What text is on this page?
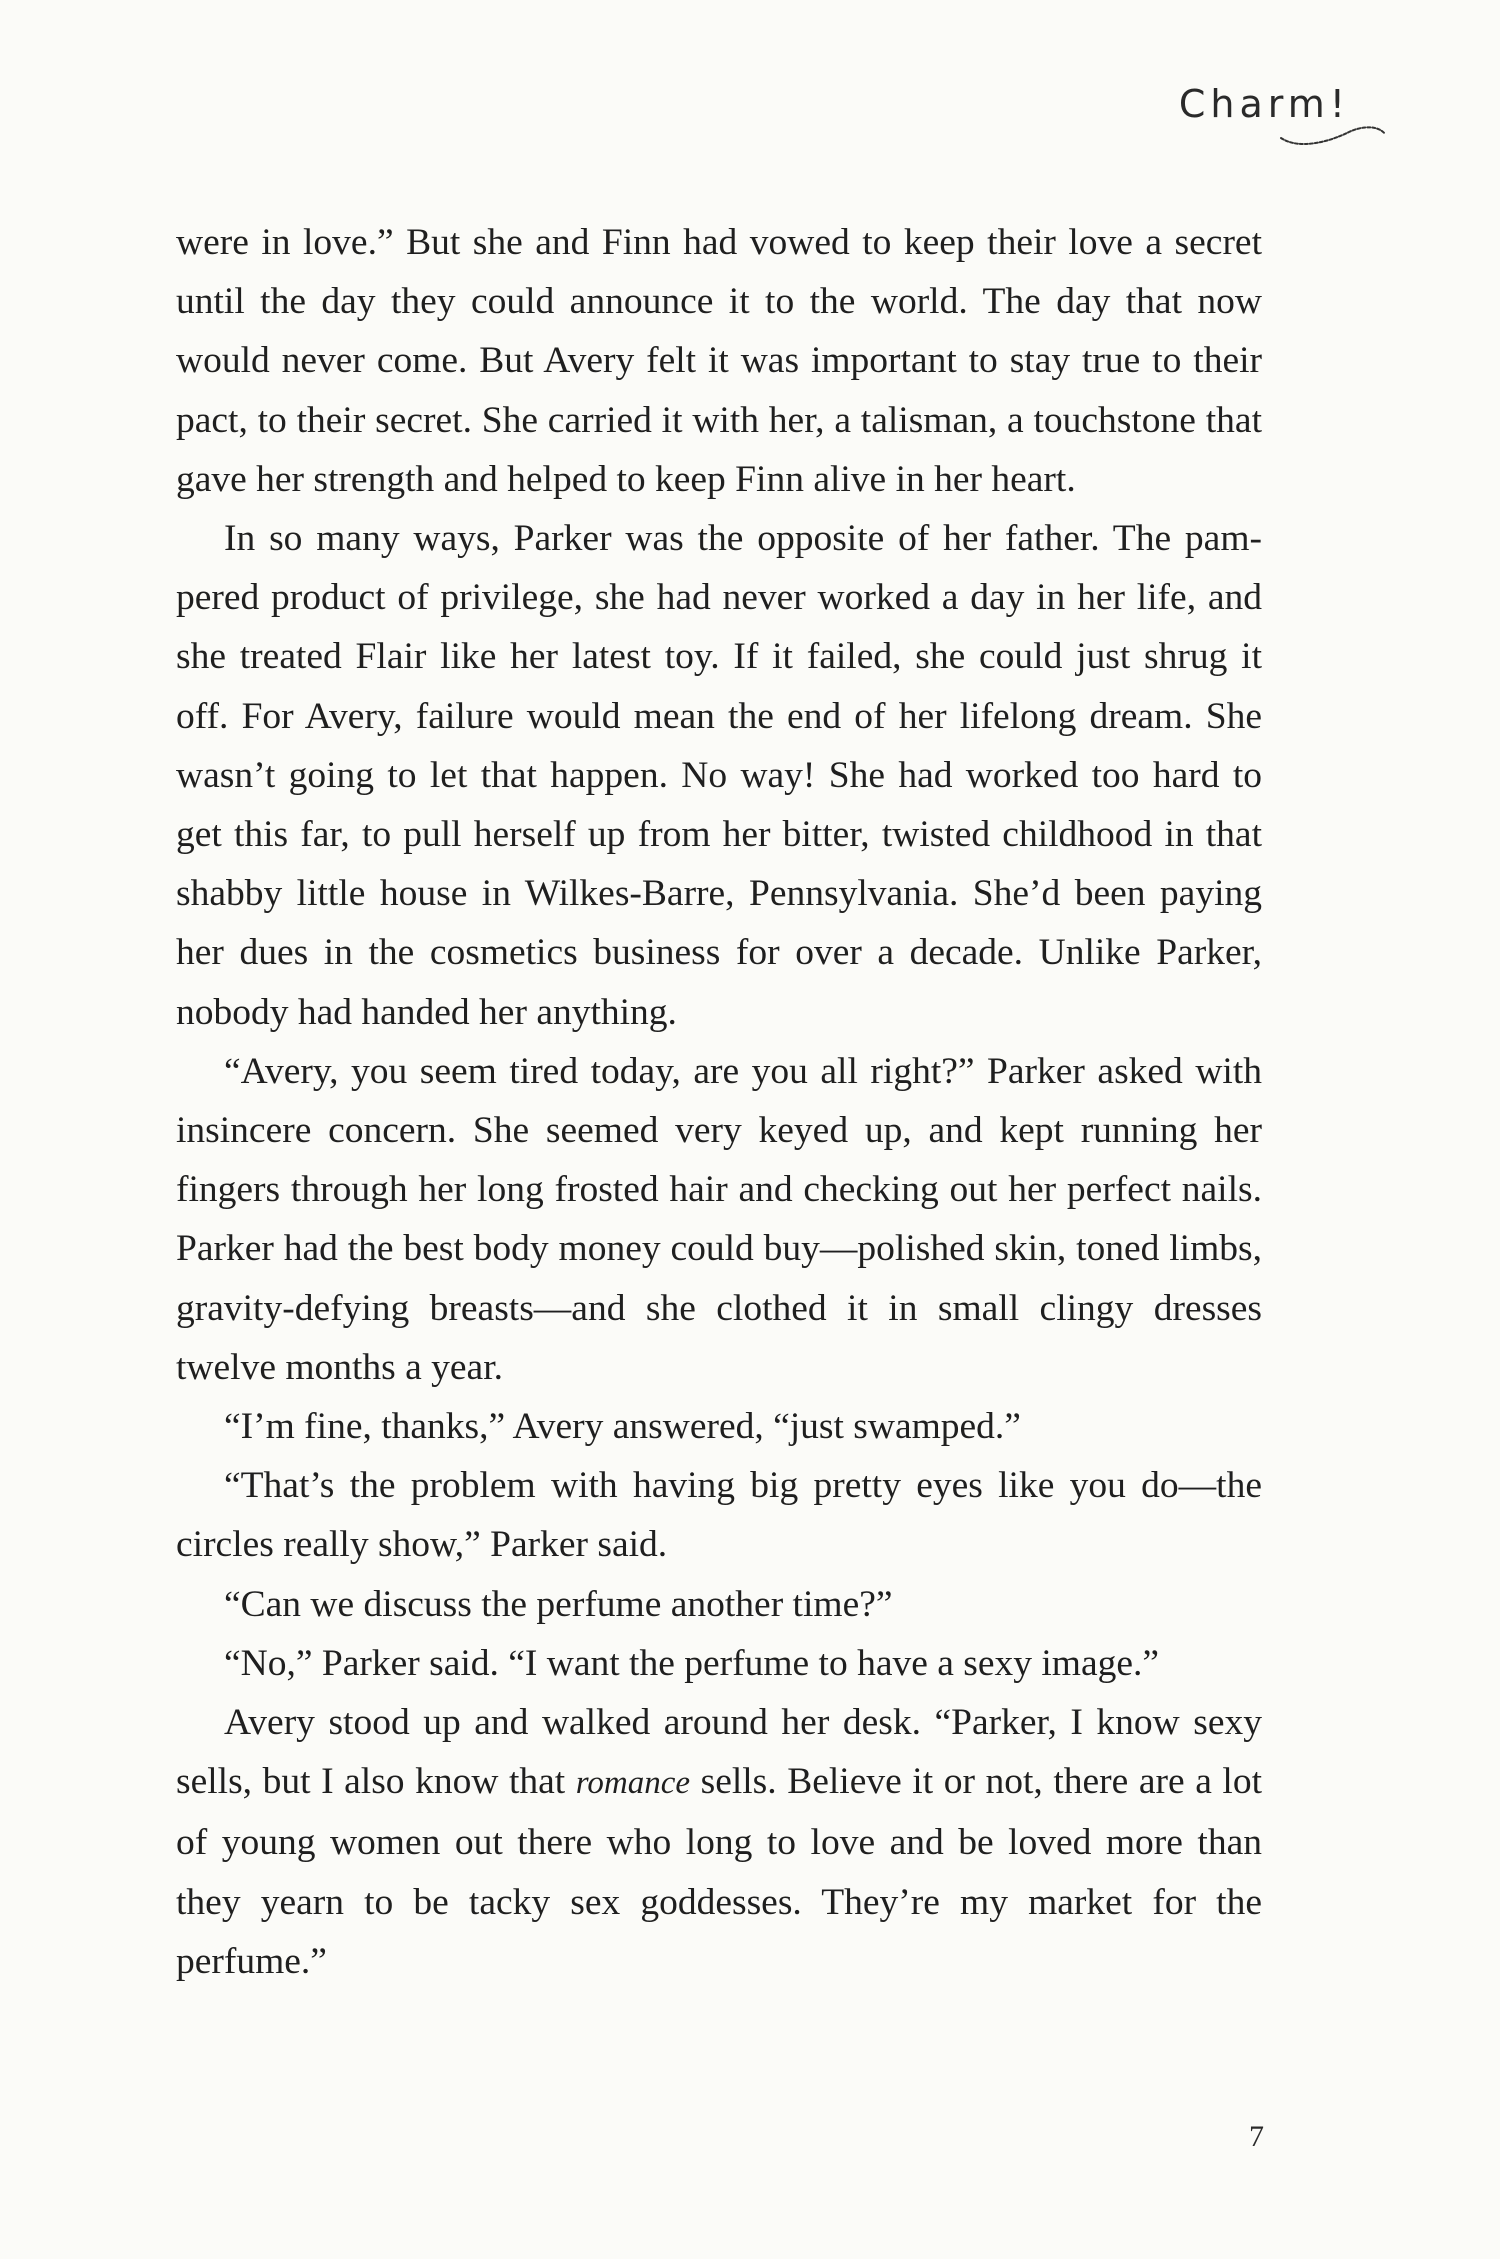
Charm!

were in love.” But she and Finn had vowed to keep their love a secret until the day they could announce it to the world. The day that now would never come. But Avery felt it was important to stay true to their pact, to their secret. She carried it with her, a talisman, a touchstone that gave her strength and helped to keep Finn alive in her heart.

In so many ways, Parker was the opposite of her father. The pampered product of privilege, she had never worked a day in her life, and she treated Flair like her latest toy. If it failed, she could just shrug it off. For Avery, failure would mean the end of her lifelong dream. She wasn’t going to let that happen. No way! She had worked too hard to get this far, to pull herself up from her bitter, twisted childhood in that shabby little house in Wilkes-Barre, Pennsylvania. She’d been paying her dues in the cosmetics business for over a decade. Unlike Parker, nobody had handed her anything.

“Avery, you seem tired today, are you all right?” Parker asked with insincere concern. She seemed very keyed up, and kept running her fingers through her long frosted hair and checking out her perfect nails. Parker had the best body money could buy—polished skin, toned limbs, gravity-defying breasts—and she clothed it in small clingy dresses twelve months a year.

“I’m fine, thanks,” Avery answered, “just swamped.”

“That’s the problem with having big pretty eyes like you do—the circles really show,” Parker said.

“Can we discuss the perfume another time?”

“No,” Parker said. “I want the perfume to have a sexy image.”

Avery stood up and walked around her desk. “Parker, I know sexy sells, but I also know that romance sells. Believe it or not, there are a lot of young women out there who long to love and be loved more than they yearn to be tacky sex goddesses. They’re my market for the perfume.”

7
